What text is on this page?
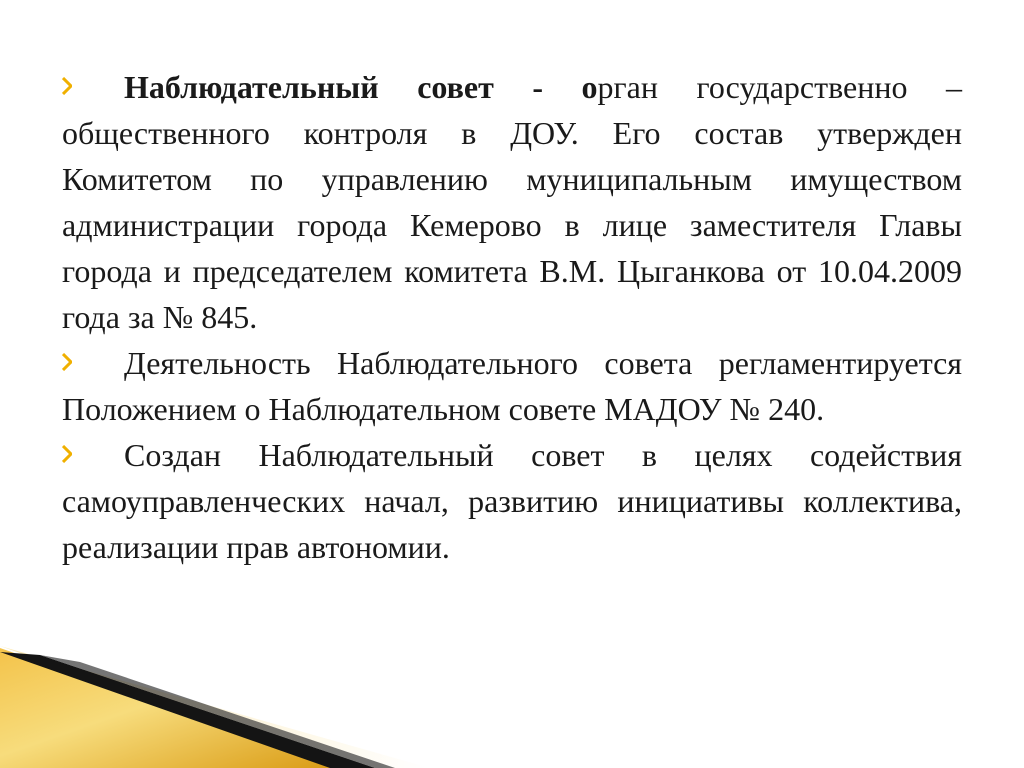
Наблюдательный совет - орган государственно – общественного контроля в ДОУ. Его состав утвержден Комитетом по управлению муниципальным имуществом администрации города Кемерово в лице заместителя Главы города и председателем комитета В.М. Цыганкова от 10.04.2009 года за № 845.
Деятельность Наблюдательного совета регламентируется Положением о Наблюдательном совете МАДОУ № 240.
Создан Наблюдательный совет в целях содействия самоуправленческих начал, развитию инициативы коллектива, реализации прав автономии.
